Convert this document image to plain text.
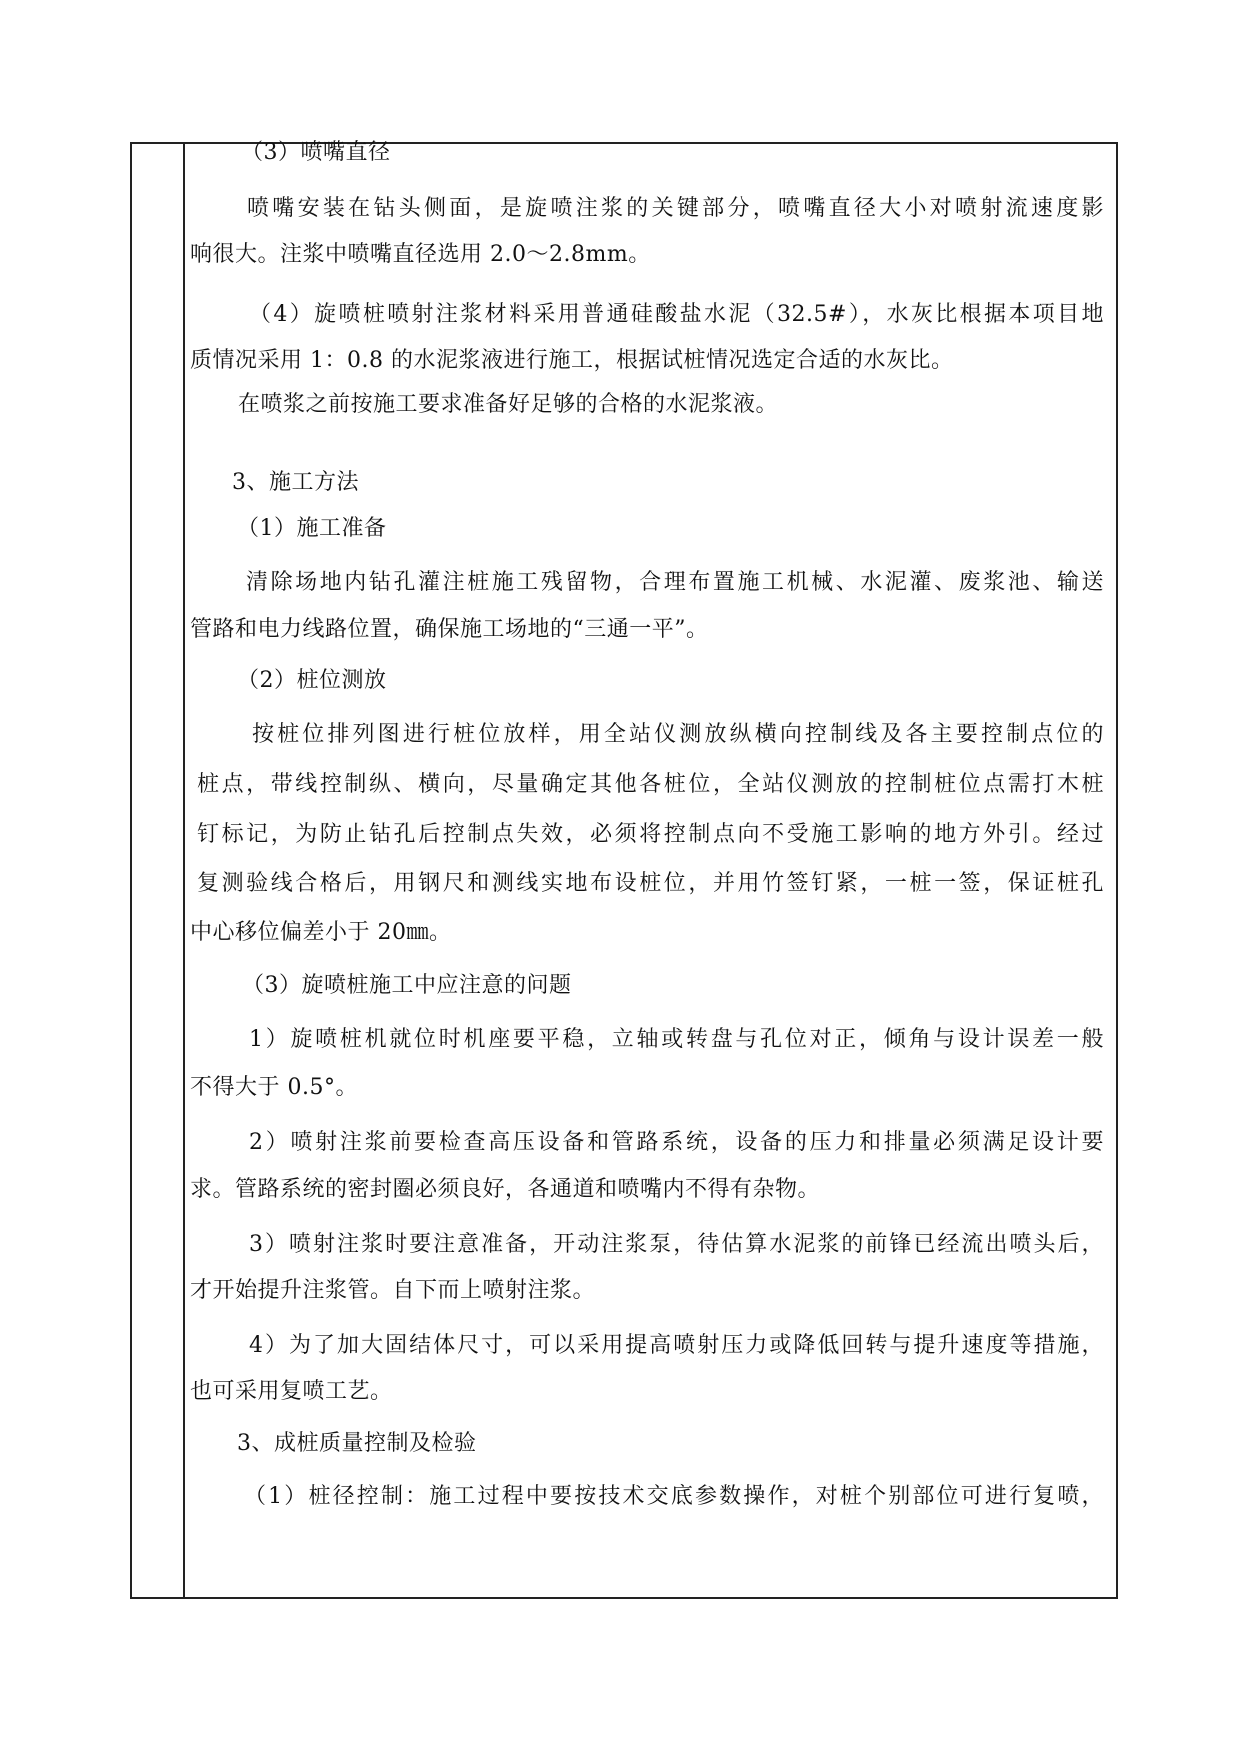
（3）喷嘴直径
喷嘴安装在钻头侧面，是旋喷注浆的关键部分，喷嘴直径大小对喷射流速度影
响很大。注浆中喷嘴直径选用 2.0～2.8mm。
（4）旋喷桩喷射注浆材料采用普通硅酸盐水泥（32.5#），水灰比根据本项目地
质情况采用 1：0.8 的水泥浆液进行施工，根据试桩情况选定合适的水灰比。
在喷浆之前按施工要求准备好足够的合格的水泥浆液。
3、施工方法
（1）施工准备
清除场地内钻孔灌注桩施工残留物，合理布置施工机械、水泥灌、废浆池、输送
管路和电力线路位置，确保施工场地的“三通一平”。
（2）桩位测放
按桩位排列图进行桩位放样，用全站仪测放纵横向控制线及各主要控制点位的
桩点，带线控制纵、横向，尽量确定其他各桩位，全站仪测放的控制桩位点需打木桩
钉标记，为防止钻孔后控制点失效，必须将控制点向不受施工影响的地方外引。经过
复测验线合格后，用钢尺和测线实地布设桩位，并用竹签钉紧，一桩一签，保证桩孔
中心移位偏差小于 20㎜。
（3）旋喷桩施工中应注意的问题
1）旋喷桩机就位时机座要平稳，立轴或转盘与孔位对正，倾角与设计误差一般
不得大于 0.5°。
2）喷射注浆前要检查高压设备和管路系统，设备的压力和排量必须满足设计要
求。管路系统的密封圈必须良好，各通道和喷嘴内不得有杂物。
3）喷射注浆时要注意准备，开动注浆泵，待估算水泥浆的前锋已经流出喷头后，
才开始提升注浆管。自下而上喷射注浆。
4）为了加大固结体尺寸，可以采用提高喷射压力或降低回转与提升速度等措施，
也可采用复喷工艺。
3、成桩质量控制及检验
（1）桩径控制：施工过程中要按技术交底参数操作，对桩个别部位可进行复喷，
